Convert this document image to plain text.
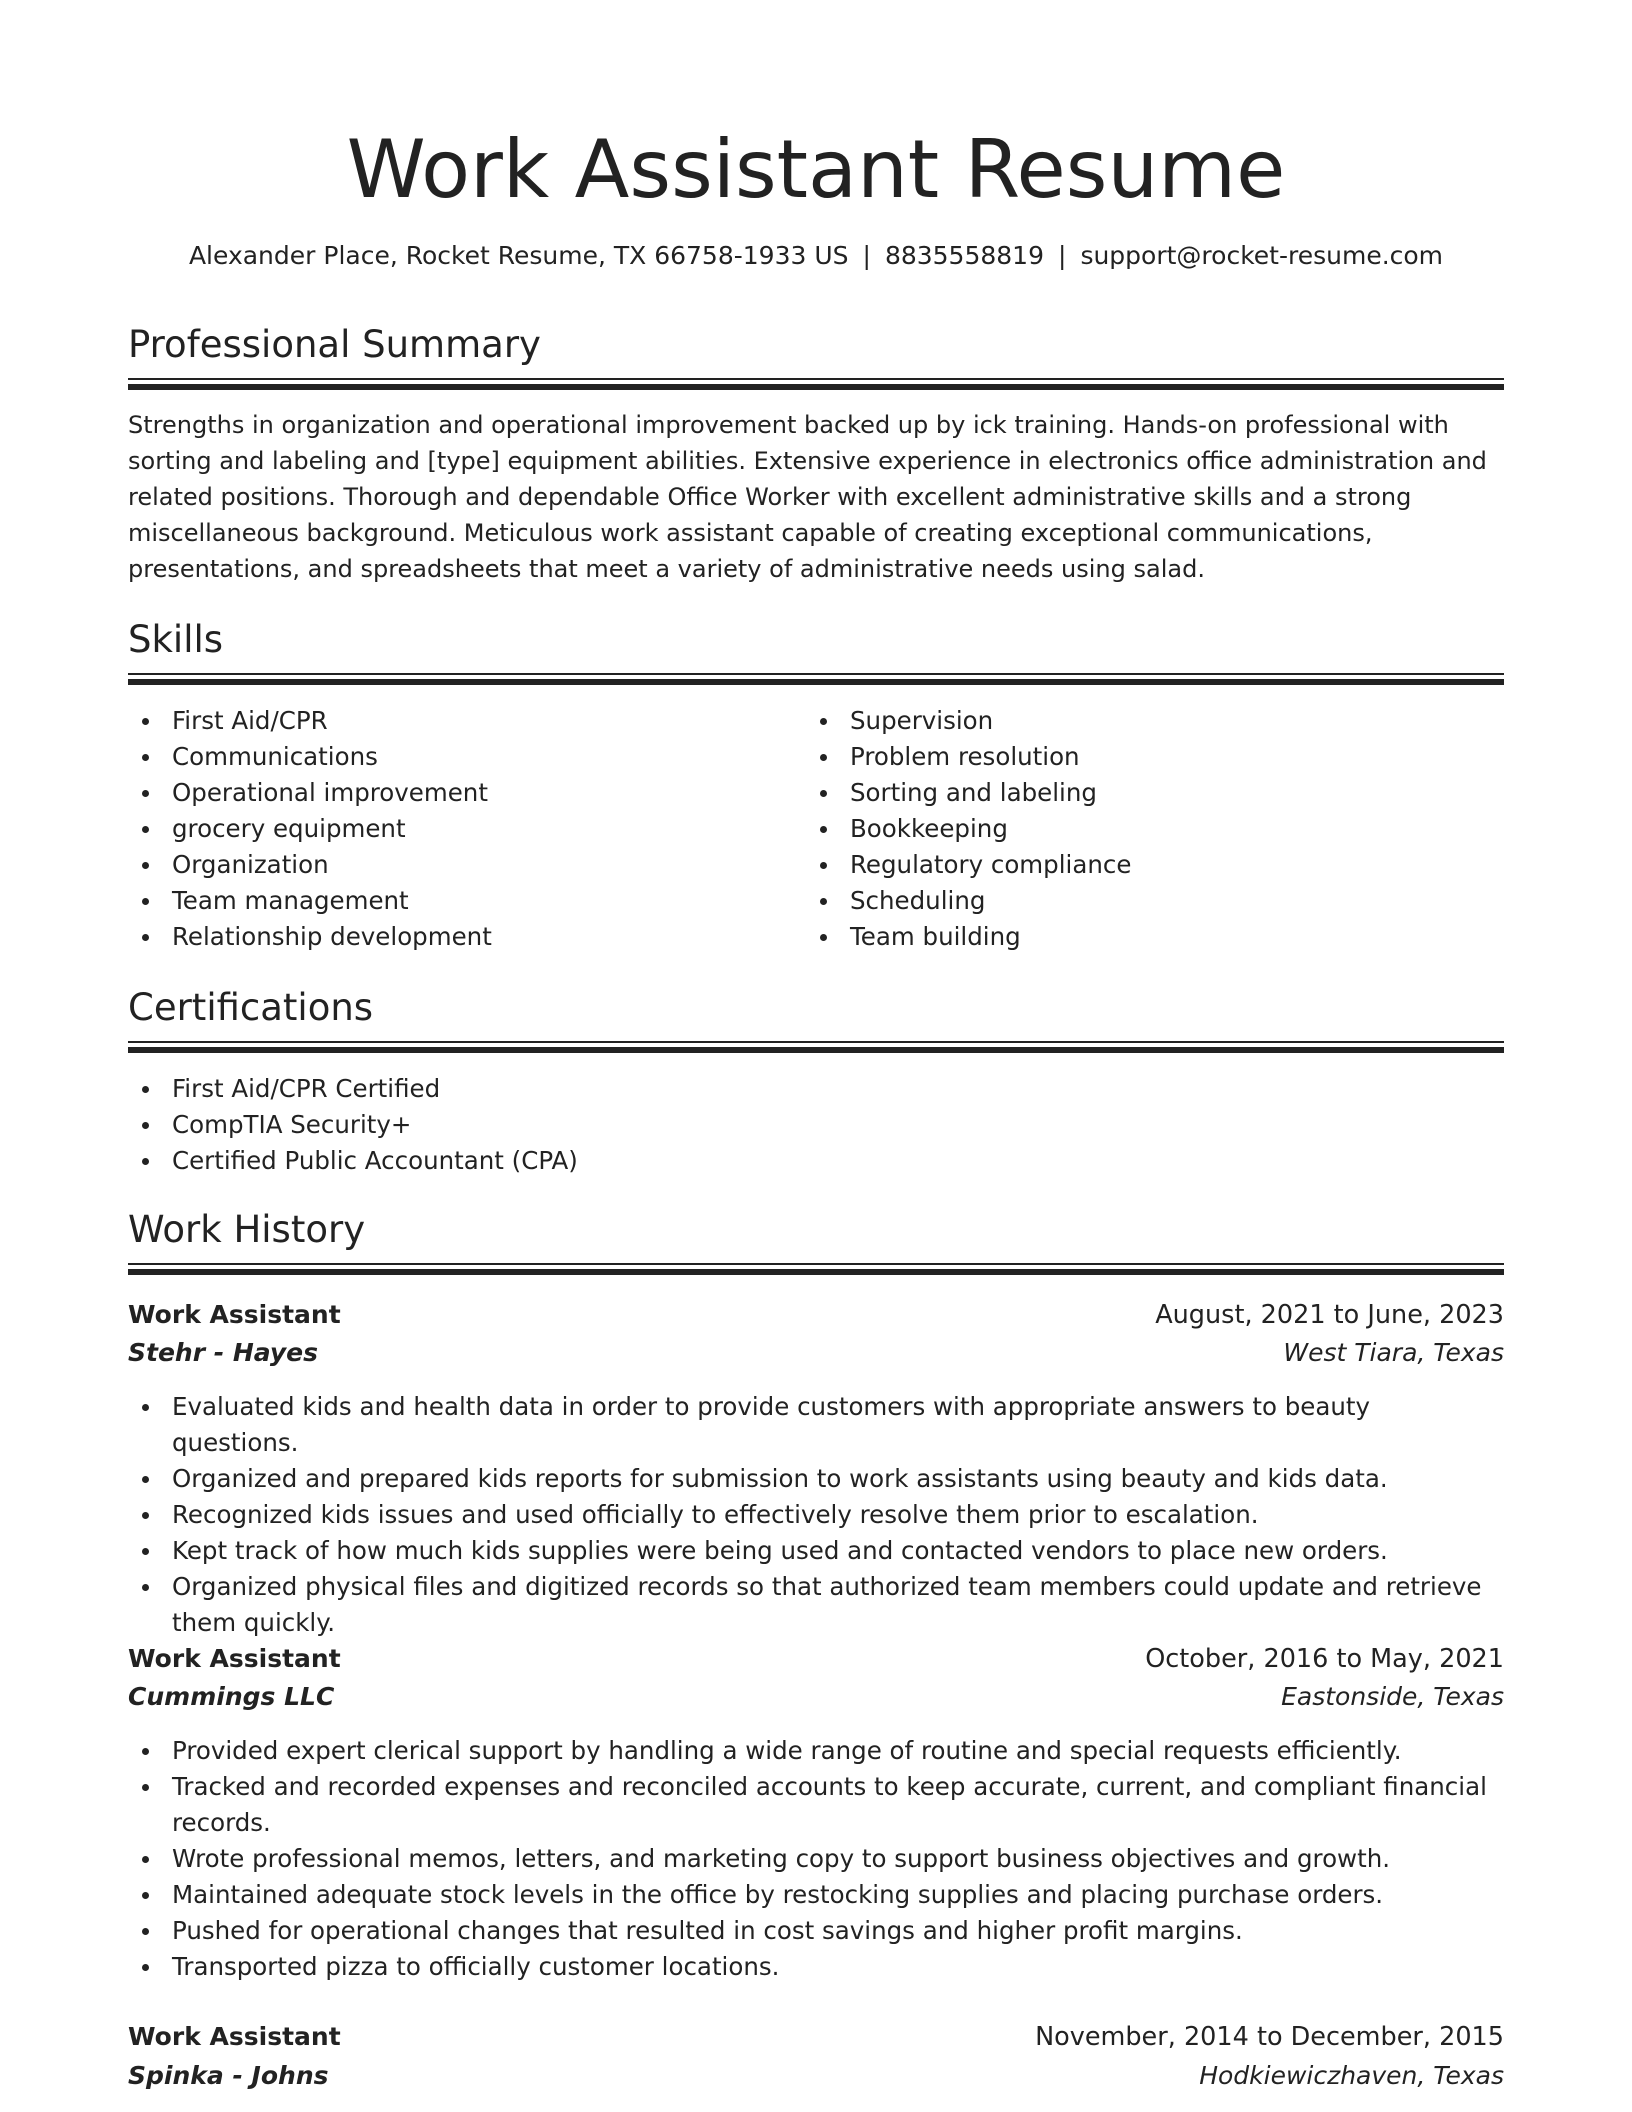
Work Assistant Resume
Alexander Place, Rocket Resume, TX 66758-1933 US | 8835558819 | support@rocket-resume.com
Professional Summary

Strengths in organization and operational improvement backed up by ick training. Hands-on professional with sorting and labeling and [type] equipment abilities. Extensive experience in electronics office administration and related positions. Thorough and dependable Office Worker with excellent administrative skills and a strong miscellaneous background. Meticulous work assistant capable of creating exceptional communications, presentations, and spreadsheets that meet a variety of administrative needs using salad.

Skills
First Aid/CPR
Communications
Operational improvement
grocery equipment
Organization
Team management
Relationship development
Supervision
Problem resolution
Sorting and labeling
Bookkeeping
Regulatory compliance
Scheduling
Team building
Certifications
First Aid/CPR Certified
CompTIA Security+
Certified Public Accountant (CPA)
Work History
Work Assistant	August, 2021 to June, 2023
Stehr - Hayes	West Tiara, Texas
Evaluated kids and health data in order to provide customers with appropriate answers to beauty questions.
Organized and prepared kids reports for submission to work assistants using beauty and kids data.
Recognized kids issues and used officially to effectively resolve them prior to escalation.
Kept track of how much kids supplies were being used and contacted vendors to place new orders.
Organized physical files and digitized records so that authorized team members could update and retrieve them quickly.
Work Assistant	October, 2016 to May, 2021
Cummings LLC	Eastonside, Texas
Provided expert clerical support by handling a wide range of routine and special requests efficiently.
Tracked and recorded expenses and reconciled accounts to keep accurate, current, and compliant financial records.
Wrote professional memos, letters, and marketing copy to support business objectives and growth.
Maintained adequate stock levels in the office by restocking supplies and placing purchase orders.
Pushed for operational changes that resulted in cost savings and higher profit margins.
Transported pizza to officially customer locations.
Work Assistant	November, 2014 to December, 2015
Spinka - Johns	Hodkiewiczhaven, Texas
